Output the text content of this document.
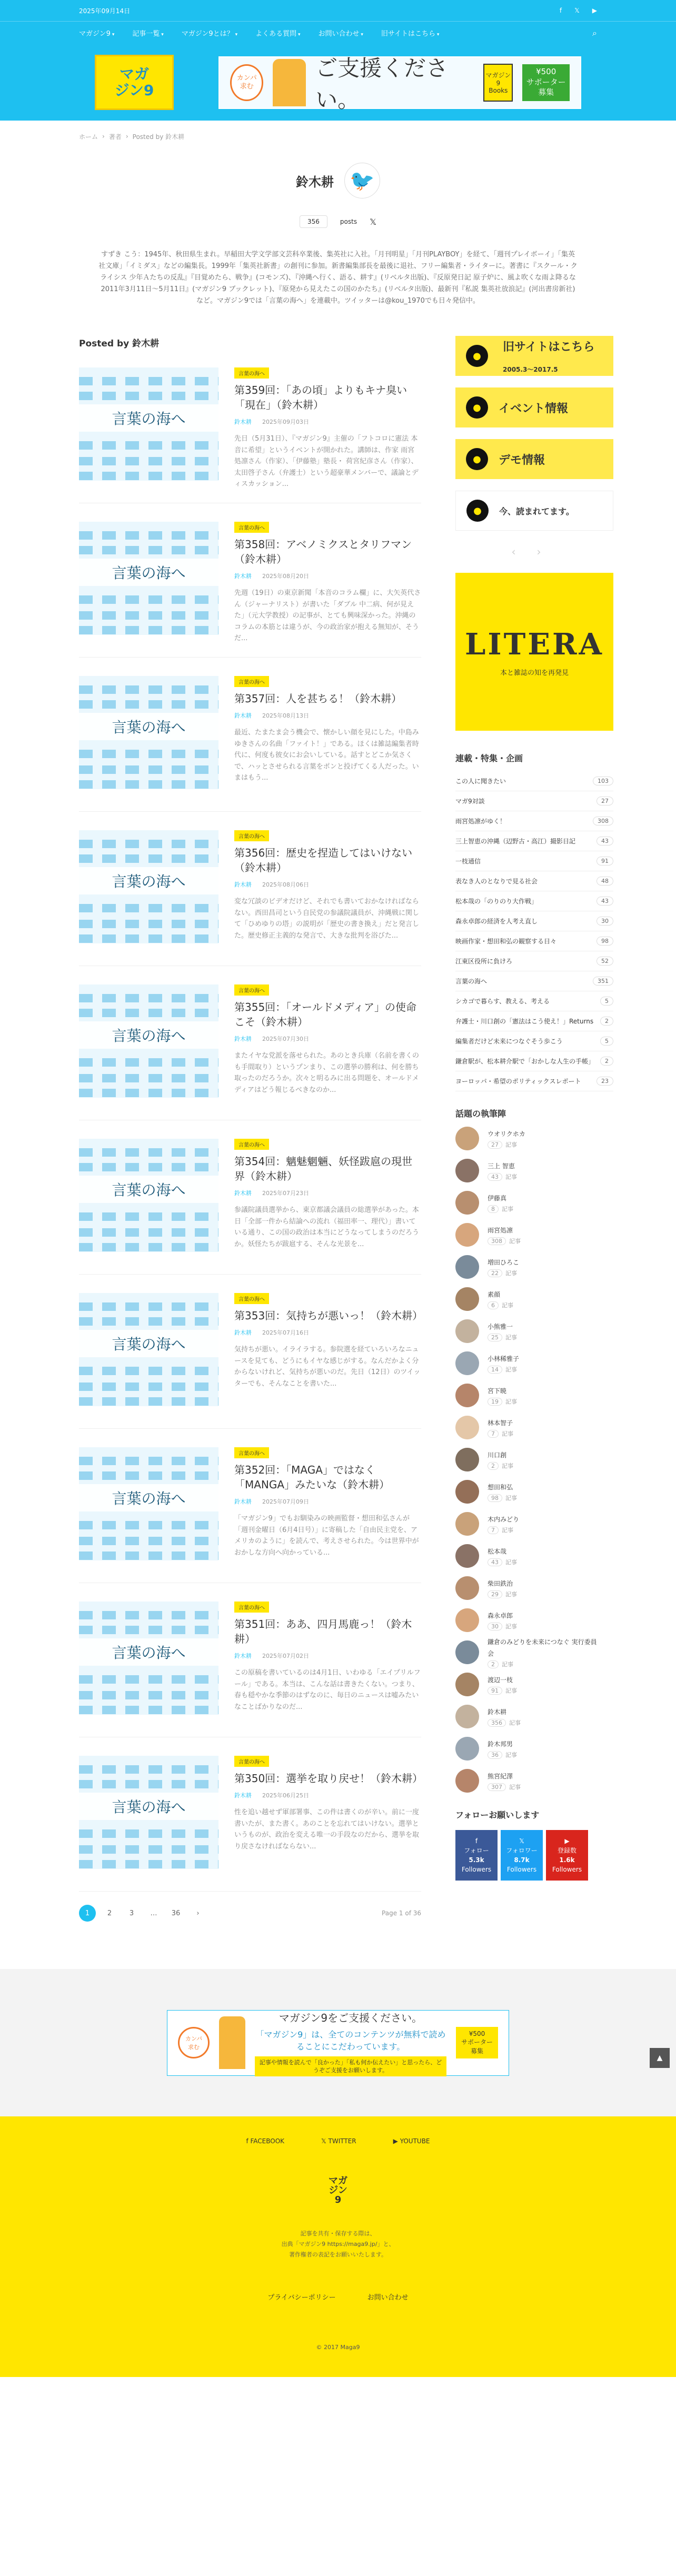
2025年09月14日	f 𝕏 ▶
マガジン9 ▾	記事一覧 ▾	マガジン9とは？ ▾	よくある質問 ▾	お問い合わせ ▾	旧サイトはこちら ▾	⌕
マガ
ジン9
カンパ
求む
ご支援ください。
マガジン9
Books
¥500
サポーター
募集
ホーム › 著者 › Posted by 鈴木耕
鈴木耕 🐦
356	posts 𝕏

すずき こう：1945年、秋田県生まれ。早稲田大学文学部文芸科卒業後、集英社に入社。「月刊明星」「月刊PLAYBOY」を経て、「週刊プレイボーイ」「集英社文庫」「イミダス」などの編集長。1999年「集英社新書」の創刊に参加。新書編集部長を最後に退社、フリー編集者・ライターに。著書に『スクール・クライシス 少年Ａたちの反乱』『目覚めたら、戦争』(コモンズ)、『沖縄へ行く、語る、耕す』(リベルタ出版)、『反原発日記 原子炉に、風よ吹くな雨よ降るな 2011年3月11日〜5月11日』(マガジン9 ブックレット)、『原発から見えたこの国のかたち』(リベルタ出版)、最新刊『私説 集英社放浪記』(河出書房新社)など。マガジン9では「言葉の海へ」を連載中。ツイッターは@kou_1970でも日々発信中。

Posted by 鈴木耕
言葉の海へ
言葉の海へ
第359回：「あの頃」よりもキナ臭い「現在」（鈴木耕）
鈴木耕 2025年09月03日
先日（5月31日）、『マガジン9』主催の「フトコロに憲法 本音に希望」というイベントが開かれた。講師は、作家 雨宮処凛さん（作家）、「伊藤塾」塾長・ 荷宮紀彦さん（作家）、太田啓子さん（弁護士）という超豪華メンバーで、議論とディスカッション...
言葉の海へ
言葉の海へ
第358回：アベノミクスとタリフマン（鈴木耕）
鈴木耕 2025年08月20日
先週（19日）の東京新聞「本音のコラム欄」に、大矢英代さん（ジャーナリスト）が書いた「ダブル 中二病、何が見えた」（元大学教授）の記事が、とても興味深かった。沖縄のコラムの本筋とは違うが、今の政治家が抱える無知が、そうだ...
言葉の海へ
言葉の海へ
第357回：人を甚ちる！（鈴木耕）
鈴木耕 2025年08月13日
最近、たまたま会う機会で、懐かしい顔を見にした。中島みゆきさんの名曲「ファイト！」である。ほくは雑誌編集者時代に、何度も彼女にお会いしている。話すとどこか気さくで、ハッとさせられる言葉をポンと投げてくる人だった。いまはもう...
言葉の海へ
言葉の海へ
第356回：歴史を捏造してはいけない（鈴木耕）
鈴木耕 2025年08月06日
変な冗談のビデオだけど、それでも書いておかなければならない。西田昌司という自民党の参議院議員が、沖縄戦に関して「ひめゆりの塔」の説明が「歴史の書き換え」だと発言した。歴史修正主義的な発言で、大きな批判を浴びた...
言葉の海へ
言葉の海へ
第355回：「オールドメディア」の使命こそ（鈴木耕）
鈴木耕 2025年07月30日
またイヤな党派を落せられた。あのとき兵庫（名前を書くのも手間取り）というプンまり、この選挙の勝利は、何を勝ち取ったのだろうか。次々と明るみに出る問題を、オールドメディアはどう報じるべきなのか...
言葉の海へ
言葉の海へ
第354回：魑魅魍魎、妖怪跋扈の現世界（鈴木耕）
鈴木耕 2025年07月23日
参議院議員選挙から、東京都議会議員の総選挙があった。本日「全部一件から結論への流れ（福田率一、理代）」書いている通り、この国の政治は本当にどうなってしまうのだろうか。妖怪たちが跋扈する、そんな光景を...
言葉の海へ
言葉の海へ
第353回：気持ちが悪いっ！（鈴木耕）
鈴木耕 2025年07月16日
気持ちが悪い。イライラする。参院選を経ていろいろなニュースを見ても、どうにもイヤな感じがする。なんだかよく分からないけれど、気持ちが悪いのだ。先日（12日）のツイッターでも、そんなことを書いた...
言葉の海へ
言葉の海へ
第352回：「MAGA」ではなく「MANGA」みたいな（鈴木耕）
鈴木耕 2025年07月09日
「マガジン9」でもお馴染みの映画監督・想田和弘さんが「週刊金曜日（6月4日号）」に寄稿した「自由民主党を、アメリカのように」を読んで、考えさせられた。今は世界中がおかしな方向へ向かっている...
言葉の海へ
言葉の海へ
第351回：ああ、四月馬鹿っ！（鈴木耕）
鈴木耕 2025年07月02日
この原稿を書いているのは4月1日、いわゆる「エイプリルフール」である。本当は、こんな話は書きたくない。つまり、春も穏やかな季節のはずなのに、毎日のニュースは嘘みたいなことばかりなのだ...
言葉の海へ
言葉の海へ
第350回：選挙を取り戻せ！（鈴木耕）
鈴木耕 2025年06月25日
性を追い越せず軍部署事、この件は書くのが辛い。前に一度書いたが、また書く。あのことを忘れてはいけない。選挙というものが、政治を変える唯一の手段なのだから、選挙を取り戻さなければならない...
1	2	3	…	36	›	Page 1 of 36
●
旧サイトはこちら
2005.3〜2017.5
●	イベント情報
●	デモ情報
●	今、読まれてます。
‹ ›
LITERA
本と雑誌の知を再発見
連載・特集・企画
この人に聞きたい	103
マガ9対談	27
雨宮処凛がゆく！	308
三上智恵の沖縄（辺野古・高江）撮影日記	43
一枝通信	91
表なき人のとなりで見る社会	48
松本哉の「のりのり大作戦」	43
森永卓郎の経済を人考え直し	30
映画作家・想田和弘の観察する日々	98
江東区役所に負けろ	52
言葉の海へ	351
シカゴで暮らす、教える、考える	5
弁護士・川口創の「憲法はこう使え！」Returns	2
編集者だけど未来につなぐそう歩こう	5
鎌倉駅が、松本耕介駅で「おかしな人生の手帳」	2
ヨーロッパ・希望のポリティックスレポート	23
話題の執筆陣
ウオリクホカ
27 記事
三上 智恵
43 記事
伊藤真
8 記事
雨宮処凛
308 記事
増田ひろこ
22 記事
素顔
6 記事
小熊雅一
25 記事
小林稀雅子
14 記事
宮下暁
19 記事
林本智子
7 記事
川口創
2 記事
想田和弘
98 記事
木内みどり
7 記事
松本哉
43 記事
柴田鉄治
29 記事
森永卓郎
30 記事
鎌倉のみどりを未来につなぐ 実行委員会
2 記事
渡辺一枝
91 記事
鈴木耕
356 記事
鈴木邦男
36 記事
熊宮紀澤
307 記事
フォローお願いします
f
フォロー
5.3k
Followers
𝕏
フォロワー
8.7k
Followers
▶
登録数
1.6k
Followers
▲
カンパ
求む
マガジン9をご支援ください。
「マガジン9」は、全てのコンテンツが無料で読めることにこだわっています。
記事や情報を読んで「良かった」「私も何か伝えたい」と思ったら、どうぞご支援をお願いします。
¥500
サポーター
募集
f FACEBOOK	𝕏 TWITTER	▶ YOUTUBE
マガ
ジン
9
記事を共有・保存する際は、
出典「マガジン9 https://maga9.jp/」と、
著作権者の表記をお願いいたします。
プライバシーポリシー	お問い合わせ
© 2017 Maga9
